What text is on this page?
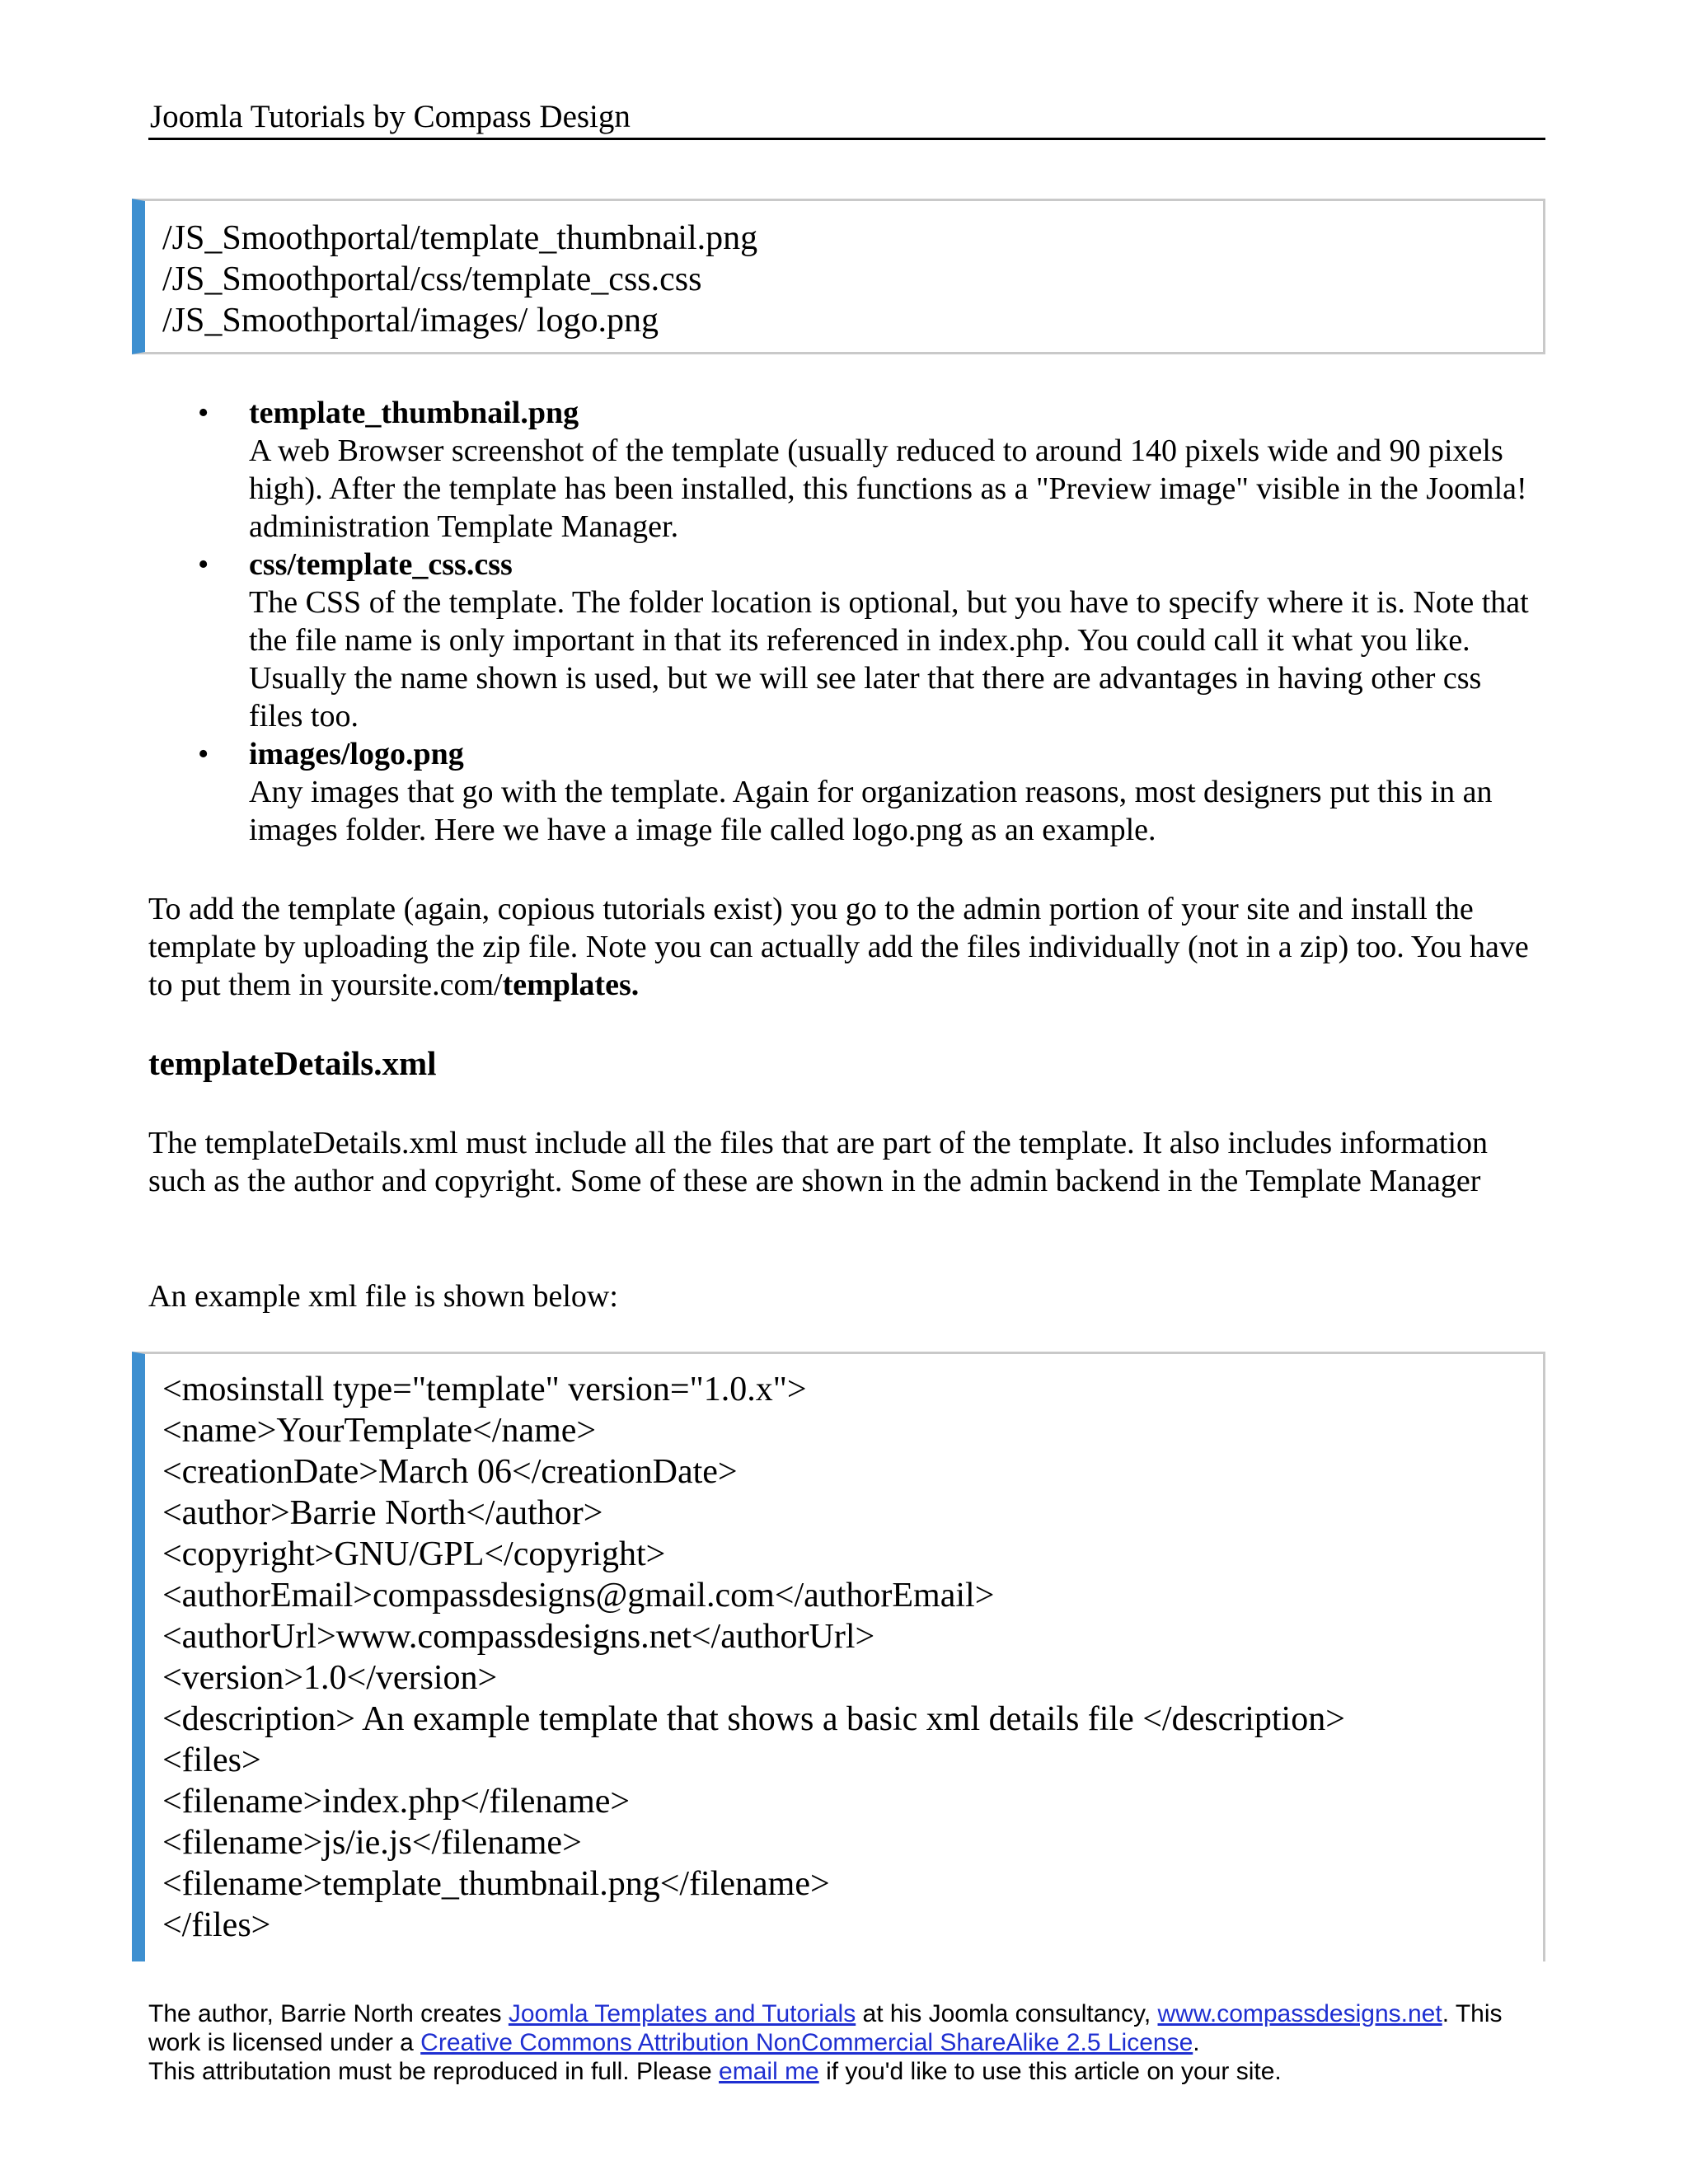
Joomla Tutorials by Compass Design
/JS_Smoothportal/template_thumbnail.png
/JS_Smoothportal/css/template_css.css
/JS_Smoothportal/images/ logo.png
• template_thumbnail.png
A web Browser screenshot of the template (usually reduced to around 140 pixels wide and 90 pixels high). After the template has been installed, this functions as a "Preview image" visible in the Joomla! administration Template Manager.
• css/template_css.css
The CSS of the template. The folder location is optional, but you have to specify where it is. Note that the file name is only important in that its referenced in index.php. You could call it what you like. Usually the name shown is used, but we will see later that there are advantages in having other css files too.
• images/logo.png
Any images that go with the template. Again for organization reasons, most designers put this in an images folder. Here we have a image file called logo.png as an example.

To add the template (again, copious tutorials exist) you go to the admin portion of your site and install the template by uploading the zip file. Note you can actually add the files individually (not in a zip) too. You have to put them in yoursite.com/templates.

templateDetails.xml

The templateDetails.xml must include all the files that are part of the template. It also includes information such as the author and copyright. Some of these are shown in the admin backend in the Template Manager

An example xml file is shown below:

<mosinstall type="template" version="1.0.x">
<name>YourTemplate</name>
<creationDate>March 06</creationDate>
<author>Barrie North</author>
<copyright>GNU/GPL</copyright>
<authorEmail>compassdesigns@gmail.com</authorEmail>
<authorUrl>www.compassdesigns.net</authorUrl>
<version>1.0</version>
<description> An example template that shows a basic xml details file </description>
<files>
<filename>index.php</filename>
<filename>js/ie.js</filename>
<filename>template_thumbnail.png</filename>
</files>
The author, Barrie North creates Joomla Templates and Tutorials at his Joomla consultancy, www.compassdesigns.net. This work is licensed under a Creative Commons Attribution NonCommercial ShareAlike 2.5 License.
This attributation must be reproduced in full. Please email me if you'd like to use this article on your site.
